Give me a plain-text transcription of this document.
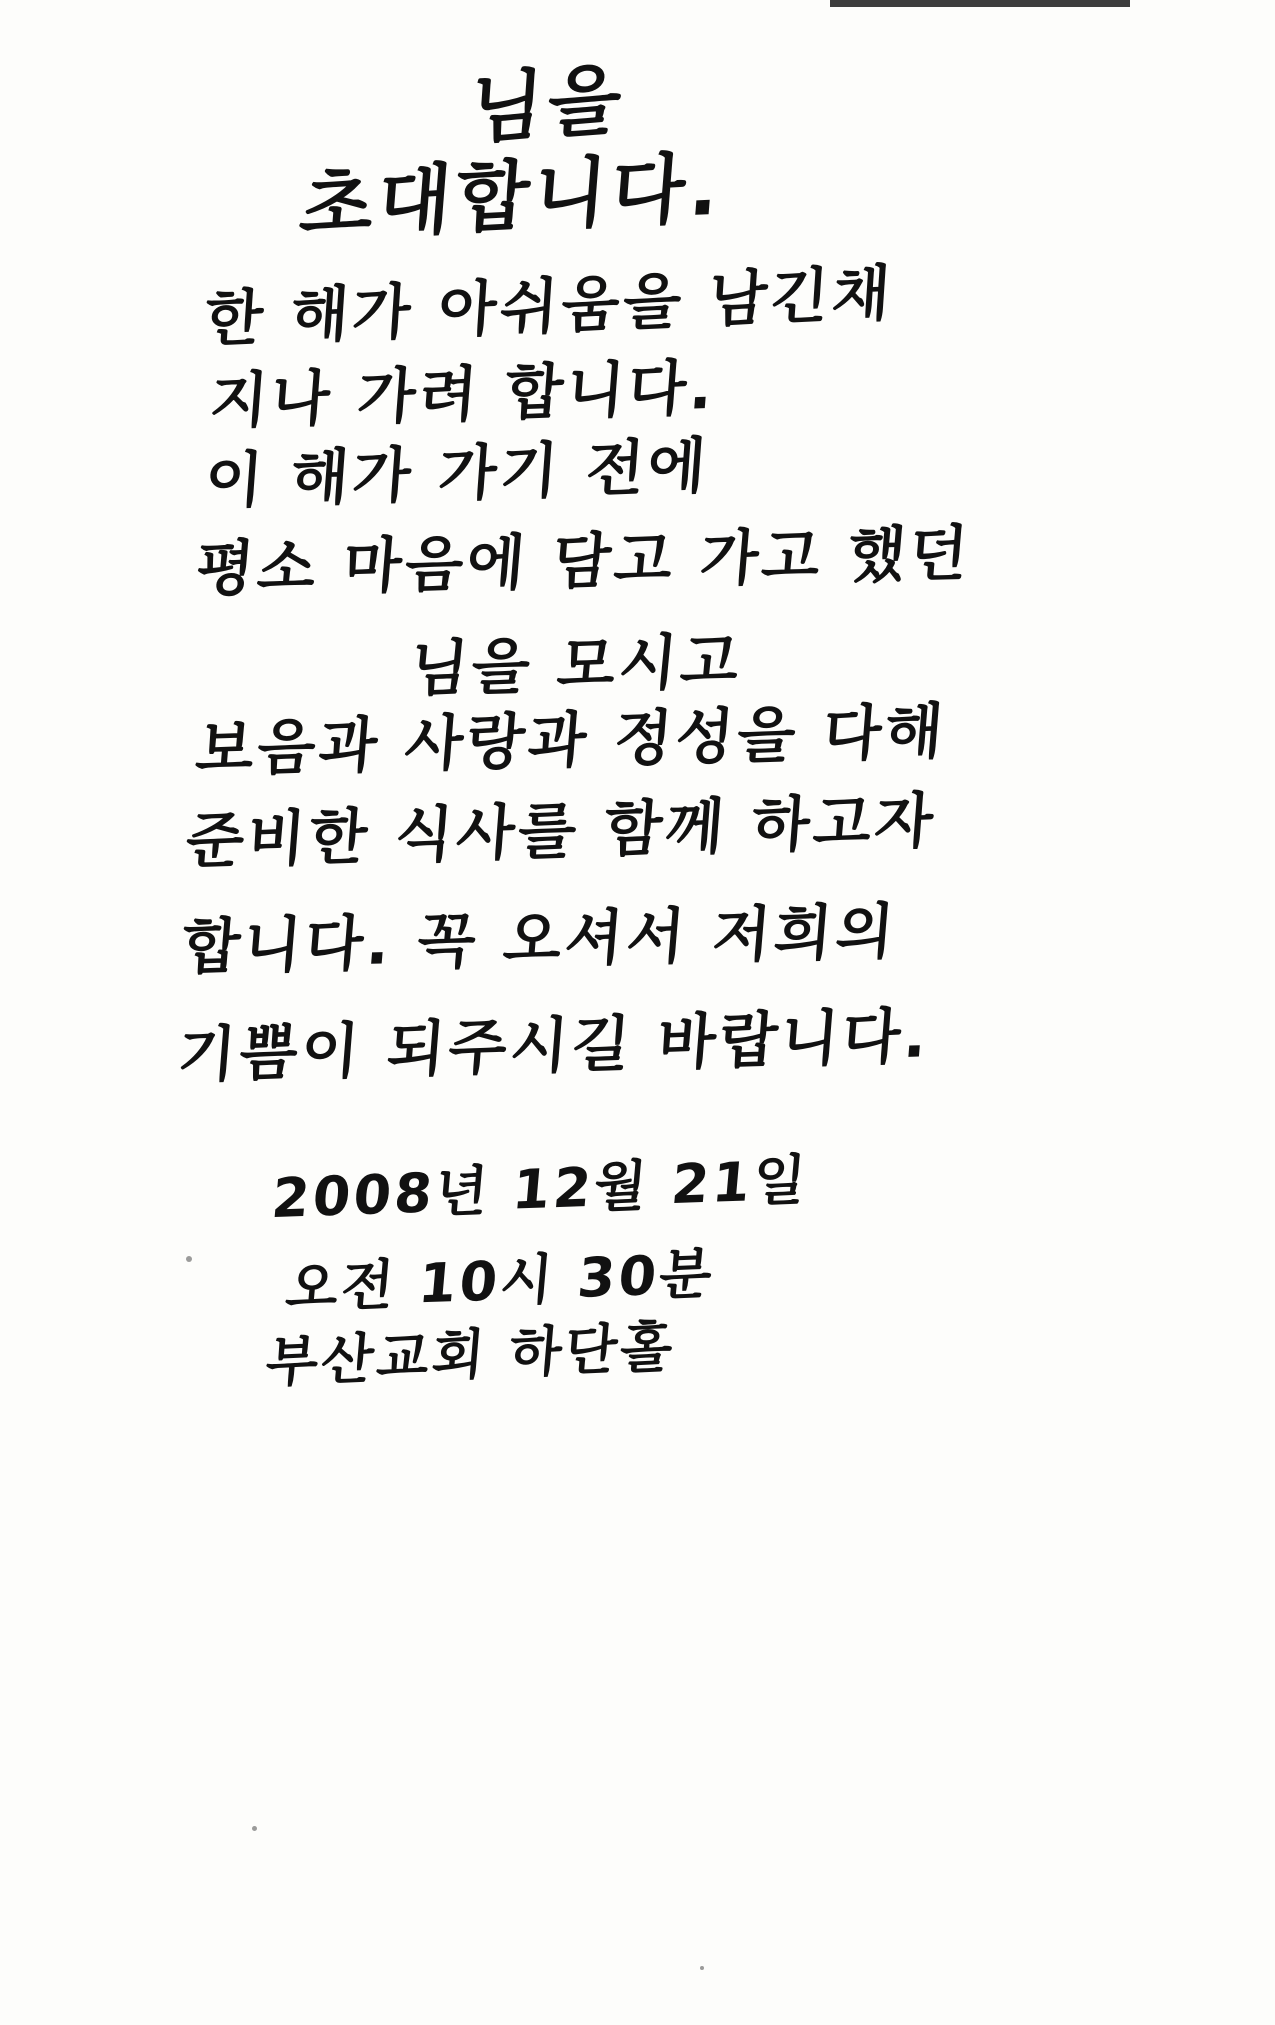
님을
초대합니다.
한 해가 아쉬움을 남긴채
지나 가려 합니다.
이 해가 가기 전에
평소 마음에 담고 가고 했던
님을 모시고
보음과 사랑과 정성을 다해
준비한 식사를 함께 하고자
합니다. 꼭 오셔서 저희의
기쁨이 되주시길 바랍니다.
2008년 12월 21일
오전 10시 30분
부산교회 하단홀
